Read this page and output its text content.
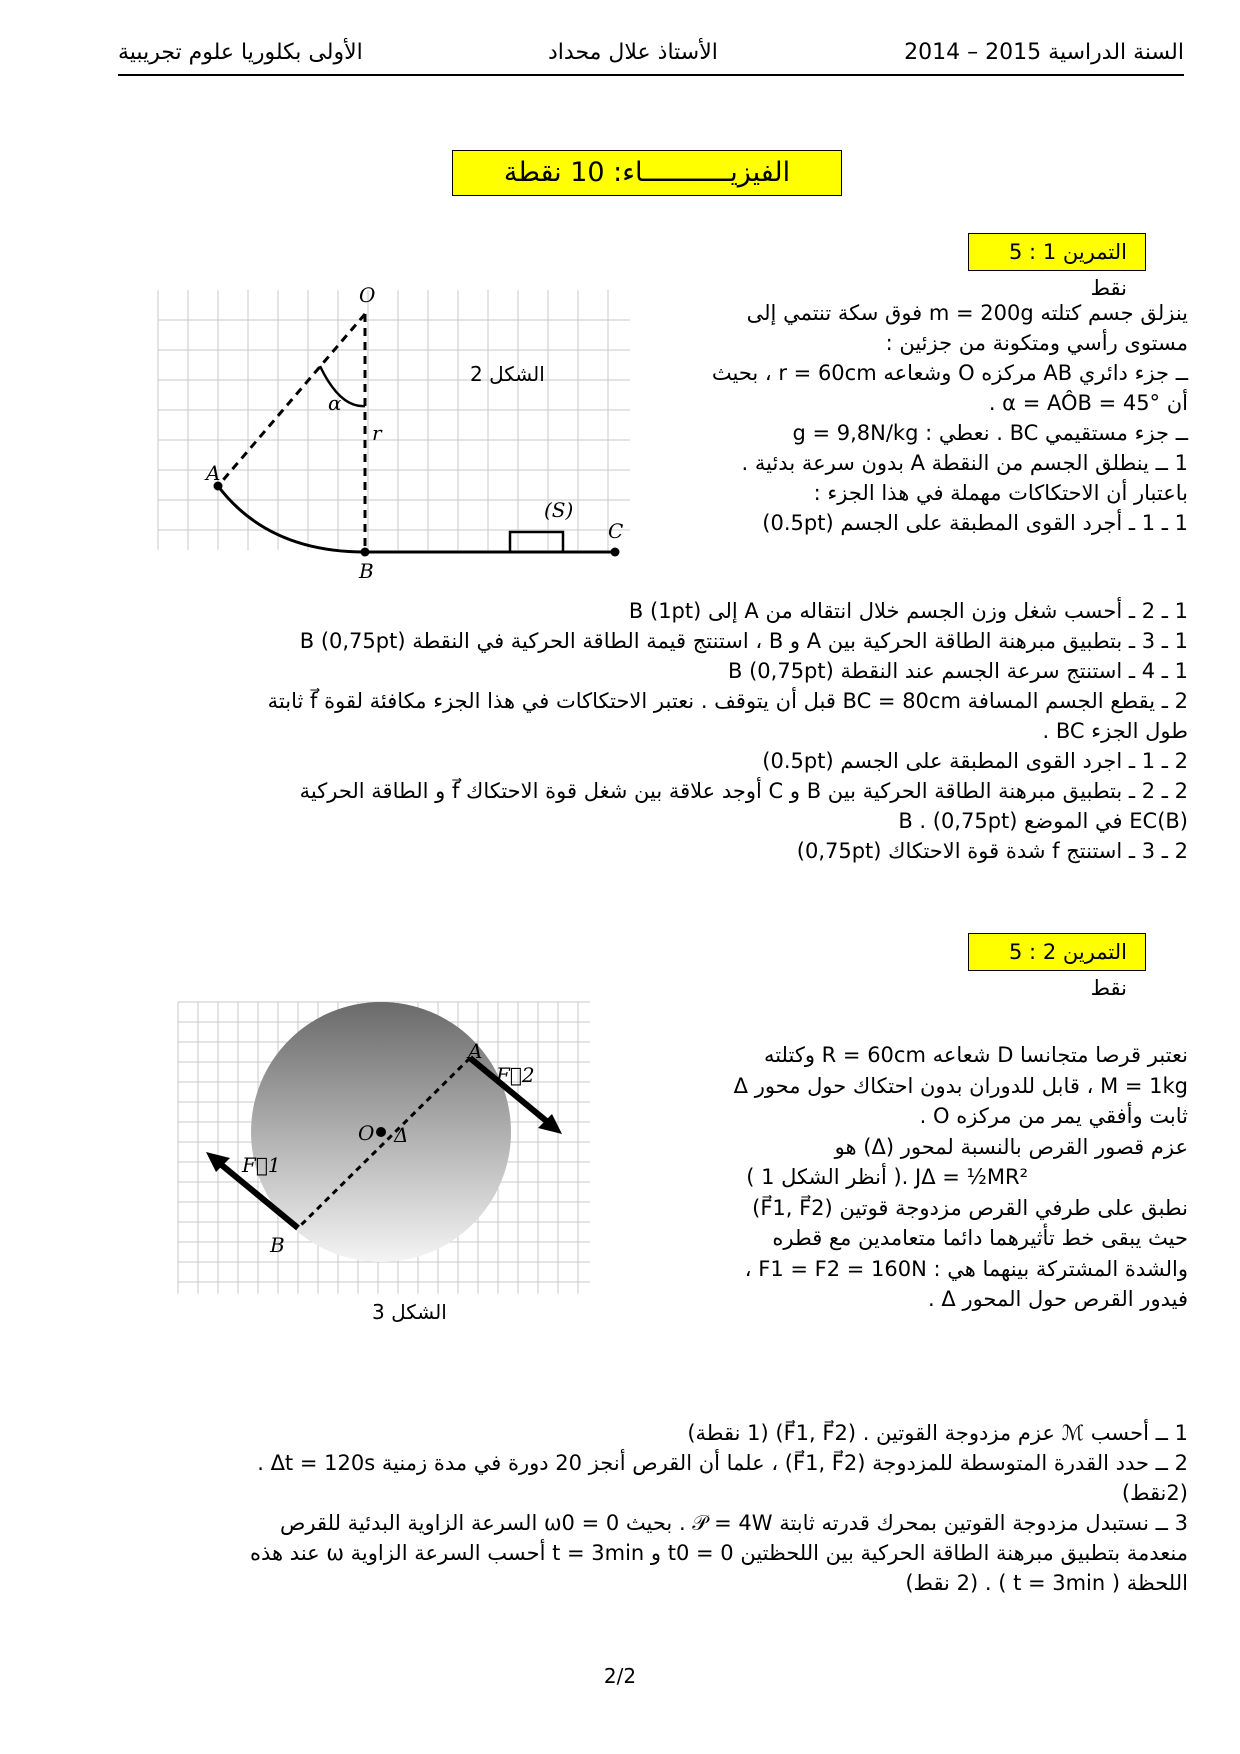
السنة الدراسية 2015 – 2014
الأستاذ علال محداد
الأولى بكلوريا علوم تجريبية
الفيزيـــــــــــاء: 10 نقطة
التمرين 1 : 5 نقط
O
A
B
C
(S)
α
r
الشكل 2

ينزلق جسم كتلته m = 200g فوق سكة تنتمي إلى

مستوى رأسي ومتكونة من جزئين :

ــ جزء دائري AB مركزه O وشعاعه r = 60cm ، بحيث

أن α = AÔB = 45° .

ــ جزء مستقيمي BC . نعطي : g = 9,8N/kg

1 ــ ينطلق الجسم من النقطة A بدون سرعة بدئية .

باعتبار أن الاحتكاكات مهملة في هذا الجزء :

1 ـ 1 ـ أجرد القوى المطبقة على الجسم (0.5pt)

1 ـ 2 ـ أحسب شغل وزن الجسم خلال انتقاله من A إلى B (1pt)

1 ـ 3 ـ بتطبيق مبرهنة الطاقة الحركية بين A و B ، استنتج قيمة الطاقة الحركية في النقطة B (0,75pt)

1 ـ 4 ـ استنتج سرعة الجسم عند النقطة B (0,75pt)

2 ـ يقطع الجسم المسافة BC = 80cm قبل أن يتوقف . نعتبر الاحتكاكات في هذا الجزء مكافئة لقوة f⃗ ثابتة

طول الجزء BC .

2 ـ 1 ـ اجرد القوى المطبقة على الجسم (0.5pt)

2 ـ 2 ـ بتطبيق مبرهنة الطاقة الحركية بين B و C أوجد علاقة بين شغل قوة الاحتكاك f⃗ و الطاقة الحركية

EC(B) في الموضع B . (0,75pt)

2 ـ 3 ـ استنتج f شدة قوة الاحتكاك (0,75pt)

التمرين 2 : 5 نقط
A
B
O Δ
F⃗1
F⃗2
الشكل 3

نعتبر قرصا متجانسا D شعاعه R = 60cm وكتلته

M = 1kg ، قابل للدوران بدون احتكاك حول محور Δ

ثابت وأفقي يمر من مركزه O .

عزم قصور القرص بالنسبة لمحور (Δ) هو

JΔ = ½MR² .( أنظر الشكل 1 )

نطبق على طرفي القرص مزدوجة قوتين (F⃗1, F⃗2)

حيث يبقى خط تأثيرهما دائما متعامدين مع قطره

والشدة المشتركة بينهما هي : F1 = F2 = 160N ،

فيدور القرص حول المحور Δ .

1 ــ أحسب ℳ عزم مزدوجة القوتين . (F⃗1, F⃗2) (1 نقطة)

2 ــ حدد القدرة المتوسطة للمزدوجة (F⃗1, F⃗2) ، علما أن القرص أنجز 20 دورة في مدة زمنية Δt = 120s .

(2نقط)

3 ــ نستبدل مزدوجة القوتين بمحرك قدرته ثابتة 𝒫 = 4W . بحيث ω0 = 0 السرعة الزاوية البدئية للقرص

منعدمة بتطبيق مبرهنة الطاقة الحركية بين اللحظتين t0 = 0 و t = 3min أحسب السرعة الزاوية ω عند هذه

اللحظة ( t = 3min ) . (2 نقط)

2/2
